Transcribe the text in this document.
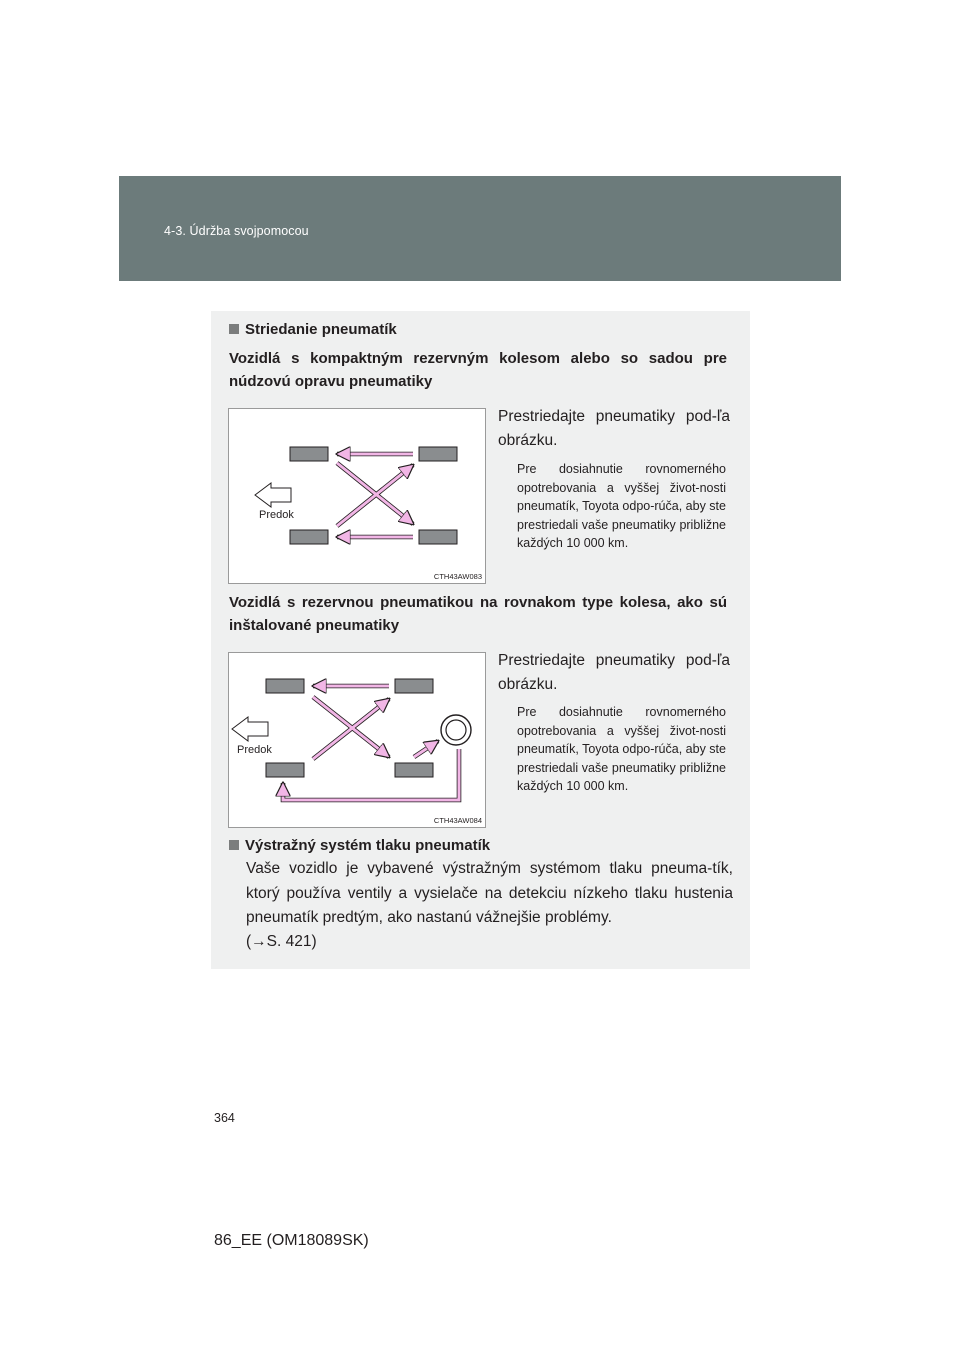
4-3. Údržba svojpomocou
Striedanie pneumatík
Vozidlá s kompaktným rezervným kolesom alebo so sadou pre núdzovú opravu pneumatiky
Predok
CTH43AW083
Prestriedajte pneumatiky pod-ľa obrázku.
Pre dosiahnutie rovnomerného opotrebovania a vyššej život-nosti pneumatík, Toyota odpo-rúča, aby ste prestriedali vaše pneumatiky približne každých 10 000 km.
Vozidlá s rezervnou pneumatikou na rovnakom type kolesa, ako sú inštalované pneumatiky
Predok
CTH43AW084
Prestriedajte pneumatiky pod-ľa obrázku.
Pre dosiahnutie rovnomerného opotrebovania a vyššej život-nosti pneumatík, Toyota odpo-rúča, aby ste prestriedali vaše pneumatiky približne každých 10 000 km.
Výstražný systém tlaku pneumatík
Vaše vozidlo je vybavené výstražným systémom tlaku pneuma-tík, ktorý používa ventily a vysielače na detekciu nízkeho tlaku hustenia pneumatík predtým, ako nastanú vážnejšie problémy.
(→S. 421)
364
86_EE (OM18089SK)
